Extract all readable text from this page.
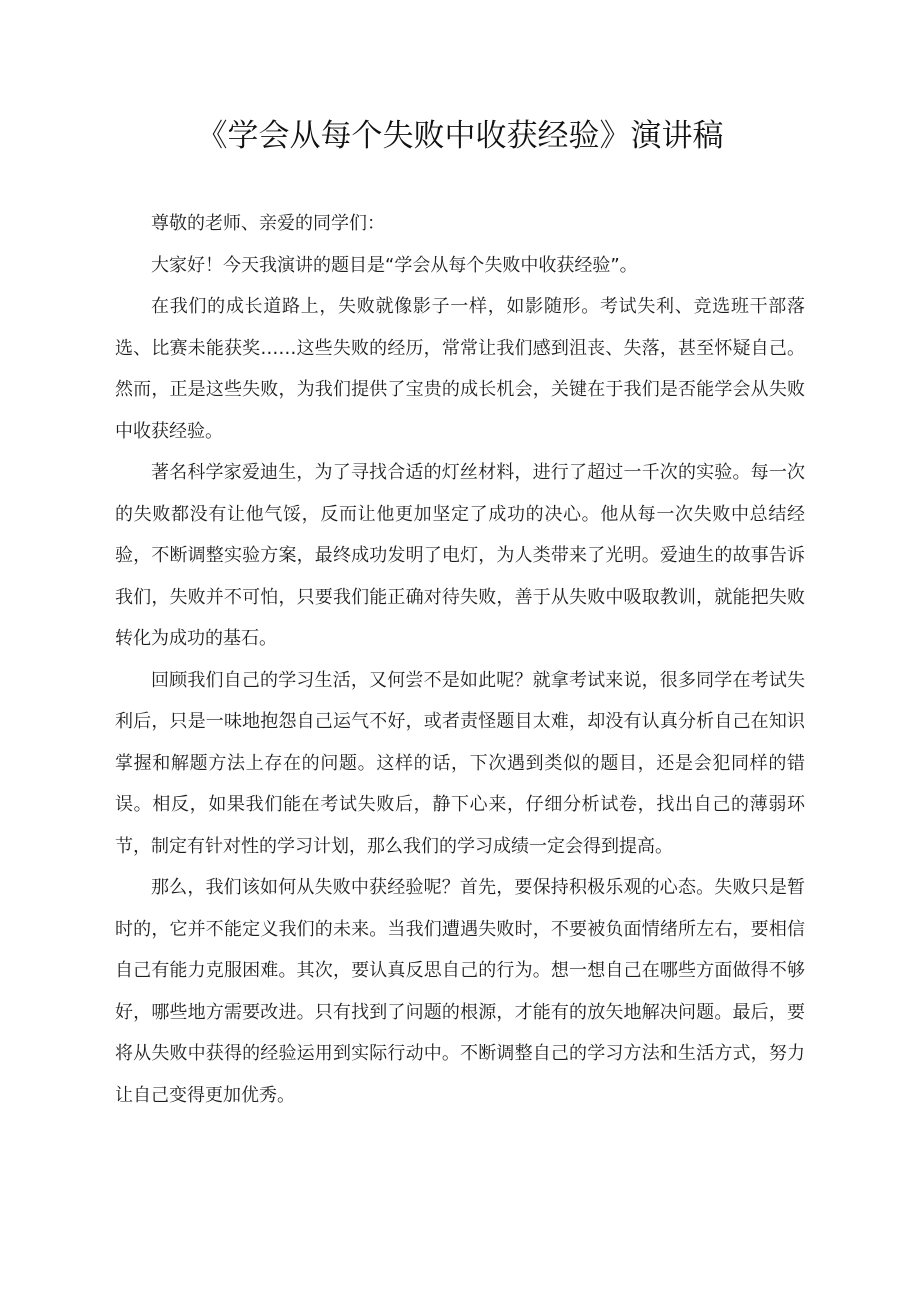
《学会从每个失败中收获经验》演讲稿

尊敬的老师、亲爱的同学们：

大家好！今天我演讲的题目是“学会从每个失败中收获经验”。

在我们的成长道路上，失败就像影子一样，如影随形。考试失利、竞选班干部落选、比赛未能获奖……这些失败的经历，常常让我们感到沮丧、失落，甚至怀疑自己。然而，正是这些失败，为我们提供了宝贵的成长机会，关键在于我们是否能学会从失败中收获经验。

著名科学家爱迪生，为了寻找合适的灯丝材料，进行了超过一千次的实验。每一次的失败都没有让他气馁，反而让他更加坚定了成功的决心。他从每一次失败中总结经验，不断调整实验方案，最终成功发明了电灯，为人类带来了光明。爱迪生的故事告诉我们，失败并不可怕，只要我们能正确对待失败，善于从失败中吸取教训，就能把失败转化为成功的基石。

回顾我们自己的学习生活，又何尝不是如此呢？就拿考试来说，很多同学在考试失利后，只是一味地抱怨自己运气不好，或者责怪题目太难，却没有认真分析自己在知识掌握和解题方法上存在的问题。这样的话，下次遇到类似的题目，还是会犯同样的错误。相反，如果我们能在考试失败后，静下心来，仔细分析试卷，找出自己的薄弱环节，制定有针对性的学习计划，那么我们的学习成绩一定会得到提高。

那么，我们该如何从失败中获经验呢？首先，要保持积极乐观的心态。失败只是暂时的，它并不能定义我们的未来。当我们遭遇失败时，不要被负面情绪所左右，要相信自己有能力克服困难。其次，要认真反思自己的行为。想一想自己在哪些方面做得不够好，哪些地方需要改进。只有找到了问题的根源，才能有的放矢地解决问题。最后，要将从失败中获得的经验运用到实际行动中。不断调整自己的学习方法和生活方式，努力让自己变得更加优秀。
